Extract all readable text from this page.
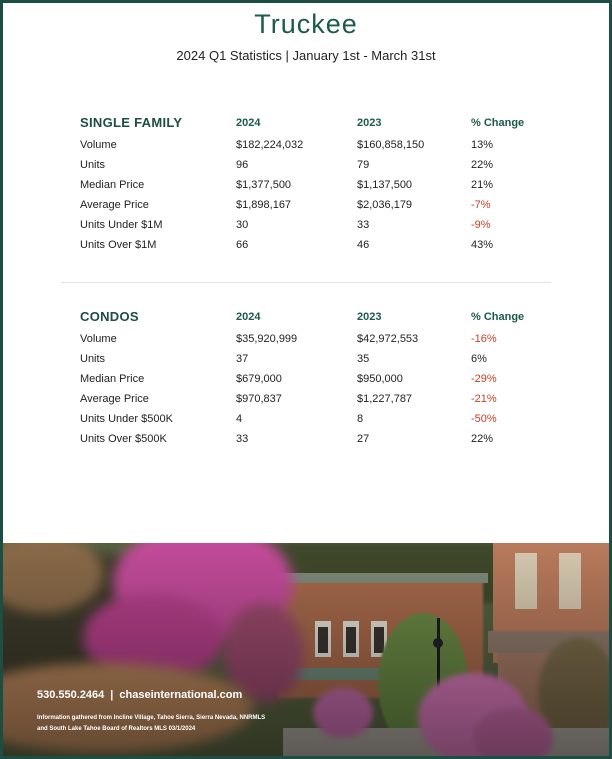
Truckee
2024 Q1 Statistics | January 1st - March 31st
SINGLE FAMILY	2024	2023	% Change
Volume	$182,224,032	$160,858,150	13%
Units	96	79	22%
Median Price	$1,377,500	$1,137,500	21%
Average Price	$1,898,167	$2,036,179	-7%
Units Under $1M	30	33	-9%
Units Over $1M	66	46	43%
CONDOS	2024	2023	% Change
Volume	$35,920,999	$42,972,553	-16%
Units	37	35	6%
Median Price	$679,000	$950,000	-29%
Average Price	$970,837	$1,227,787	-21%
Units Under $500K	4	8	-50%
Units Over $500K	33	27	22%
530.550.2464 | chaseinternational.com
Information gathered from Incline Village, Tahoe Sierra, Sierra Nevada, NNRMLS and South Lake Tahoe Board of Realtors MLS 03/1/2024
